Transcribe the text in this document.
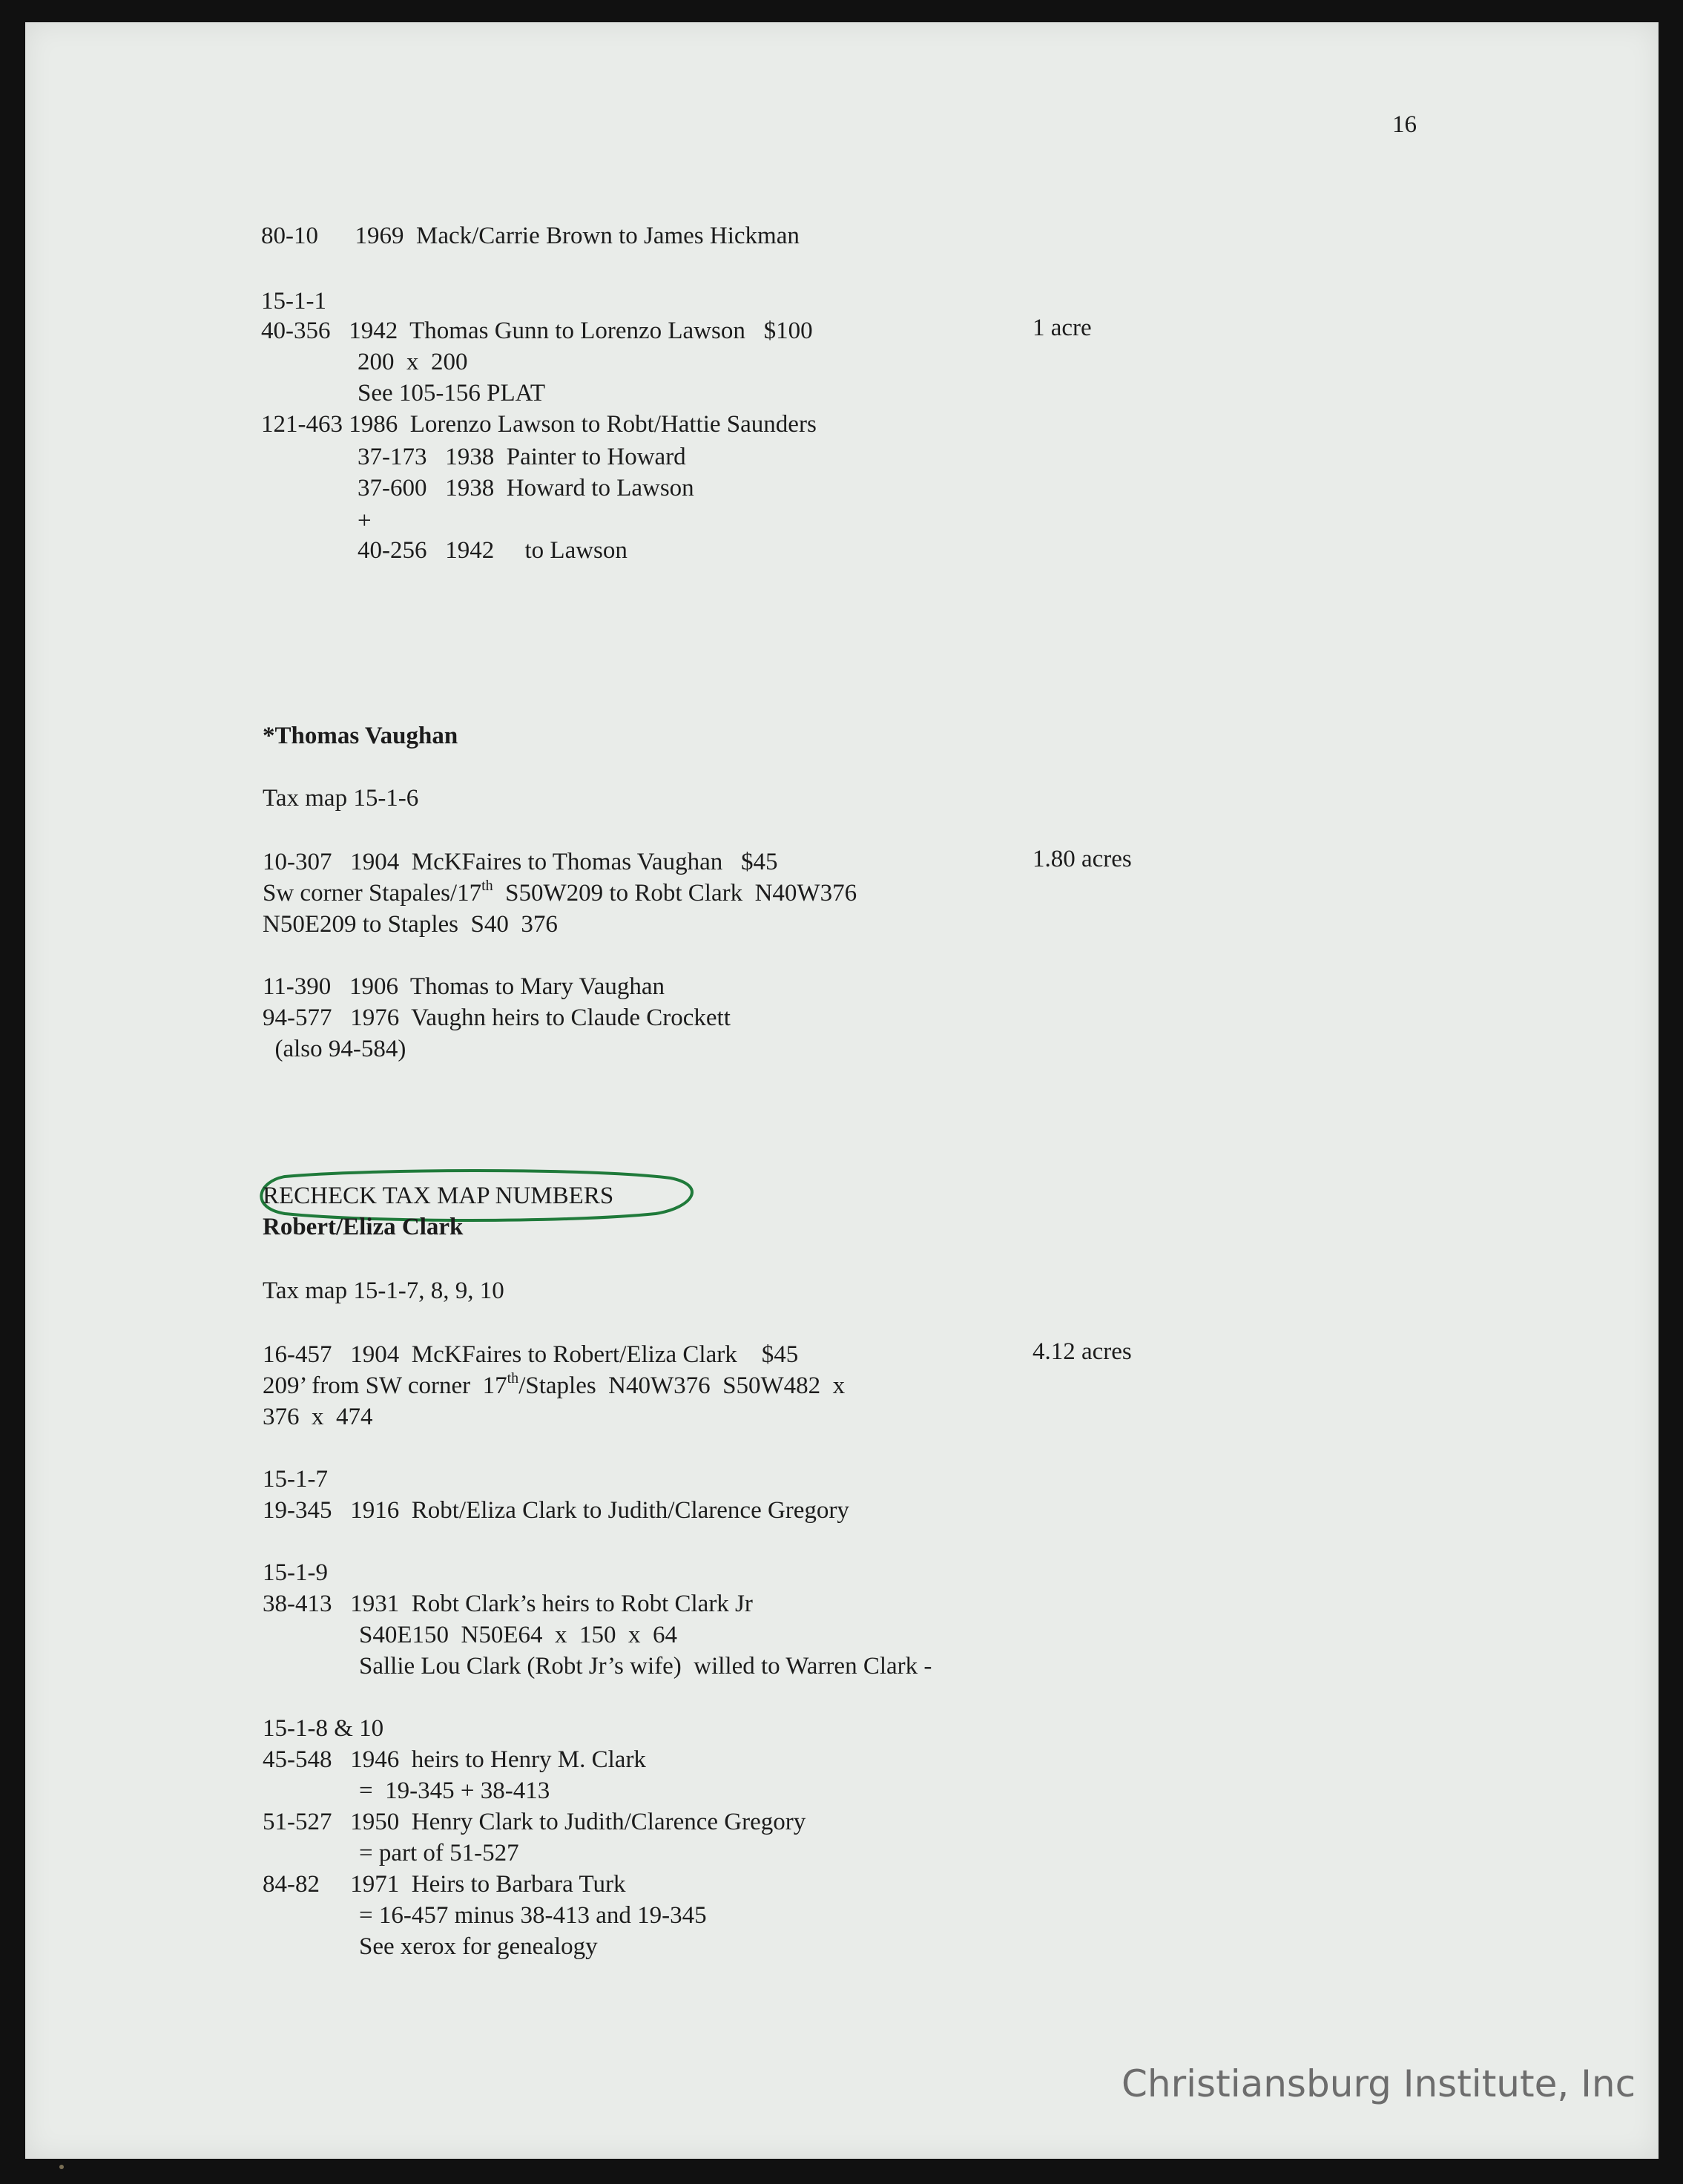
16
80-10      1969  Mack/Carrie Brown to James Hickman
15-1-1
40-356   1942  Thomas Gunn to Lorenzo Lawson   $100	1 acre
200  x  200
See 105-156 PLAT
121-463 1986  Lorenzo Lawson to Robt/Hattie Saunders
37-173   1938  Painter to Howard
37-600   1938  Howard to Lawson
+
40-256   1942     to Lawson
*Thomas Vaughan
Tax map 15-1-6
10-307   1904  McKFaires to Thomas Vaughan   $45	1.80 acres
Sw corner Stapales/17th  S50W209 to Robt Clark  N40W376
N50E209 to Staples  S40  376
11-390   1906  Thomas to Mary Vaughan
94-577   1976  Vaughn heirs to Claude Crockett
(also 94-584)
RECHECK TAX MAP NUMBERS
Robert/Eliza Clark
Tax map 15-1-7, 8, 9, 10
16-457   1904  McKFaires to Robert/Eliza Clark    $45	4.12 acres
209’ from SW corner  17th/Staples  N40W376  S50W482  x
376  x  474
15-1-7
19-345   1916  Robt/Eliza Clark to Judith/Clarence Gregory
15-1-9
38-413   1931  Robt Clark’s heirs to Robt Clark Jr
S40E150  N50E64  x  150  x  64
Sallie Lou Clark (Robt Jr’s wife)  willed to Warren Clark -
15-1-8 & 10
45-548   1946  heirs to Henry M. Clark
=  19-345 + 38-413
51-527   1950  Henry Clark to Judith/Clarence Gregory
= part of 51-527
84-82     1971  Heirs to Barbara Turk
= 16-457 minus 38-413 and 19-345
See xerox for genealogy
Christiansburg Institute, Inc
